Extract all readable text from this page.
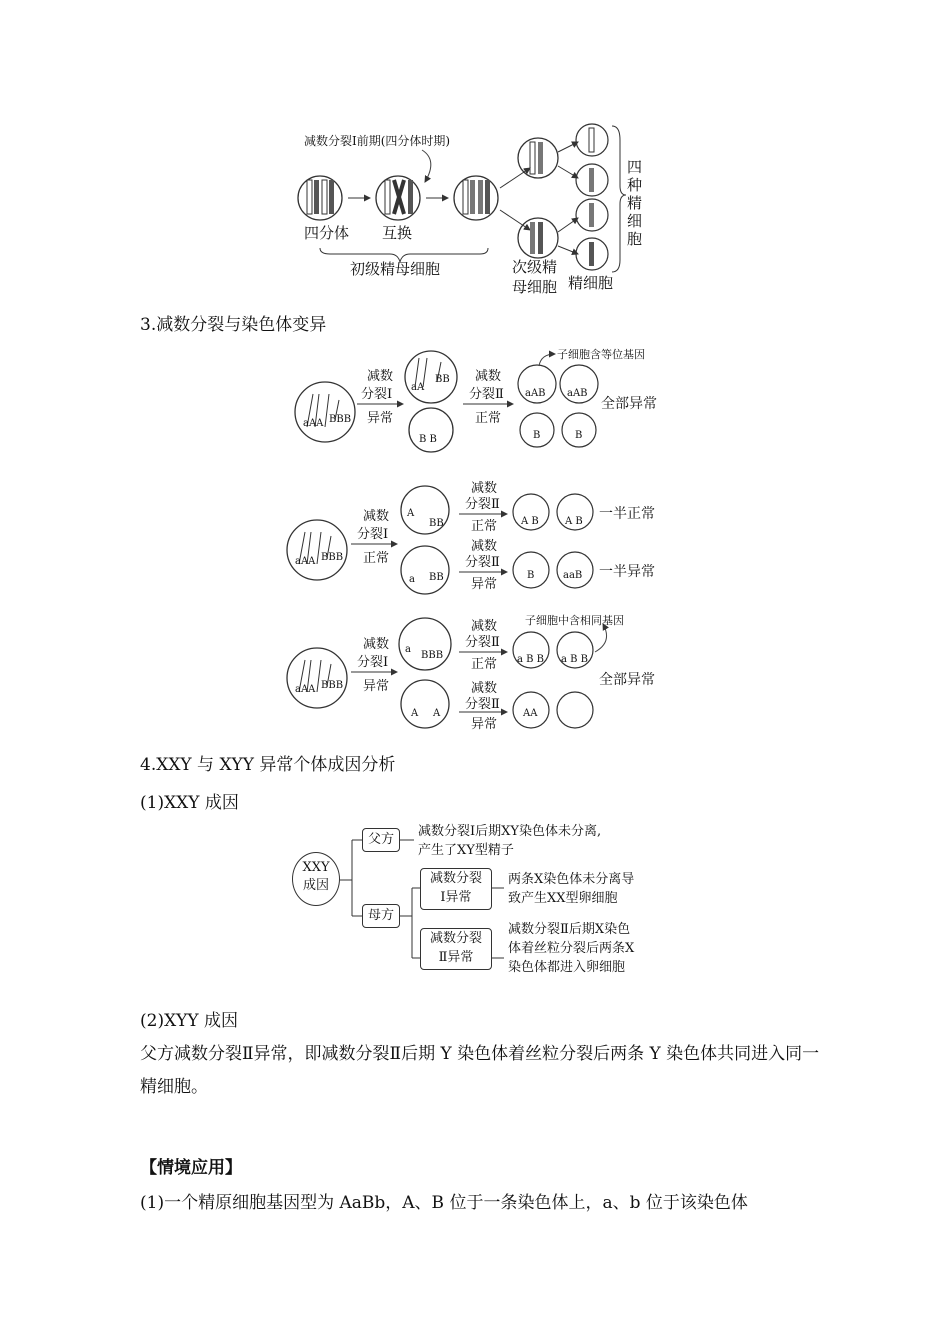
减数分裂Ⅰ前期(四分体时期)
四分体 互换
初级精母细胞	次级精
母细胞 精细胞
四
种
精
细
胞
3.减数分裂与染色体变异
aAA BBB
减数
分裂Ⅰ
异常
aA
BB
B B
减数
分裂Ⅱ
正常
aAB aAB
B	B
子细胞含等位基因
全部异常
aAA BBB
减数
分裂Ⅰ
正常
A
BB
a BB
减数
分裂Ⅱ
正常
减数
分裂Ⅱ
异常
A B	A B
B	aaB
一半正常
一半异常
aAA BBB
减数
分裂Ⅰ
异常
a
BBB
A A
减数
分裂Ⅱ
正常
减数
分裂Ⅱ
异常
a B B a B B
AA
子细胞中含相同基因
全部异常
4.XXY 与 XYY 异常个体成因分析
(1)XXY 成因
XXY
成因
父方
减数分裂Ⅰ后期XY染色体未分离,
产生了XY型精子
母方
减数分裂
Ⅰ异常
两条X染色体未分离导
致产生XX型卵细胞
减数分裂
Ⅱ异常
减数分裂Ⅱ后期X染色
体着丝粒分裂后两条X
染色体都进入卵细胞
(2)XYY 成因
父方减数分裂Ⅱ异常，即减数分裂Ⅱ后期 Y 染色体着丝粒分裂后两条 Y 染色体共同进入同一精细胞。
【情境应用】
(1)一个精原细胞基因型为 AaBb，A、B 位于一条染色体上，a、b 位于该染色体
